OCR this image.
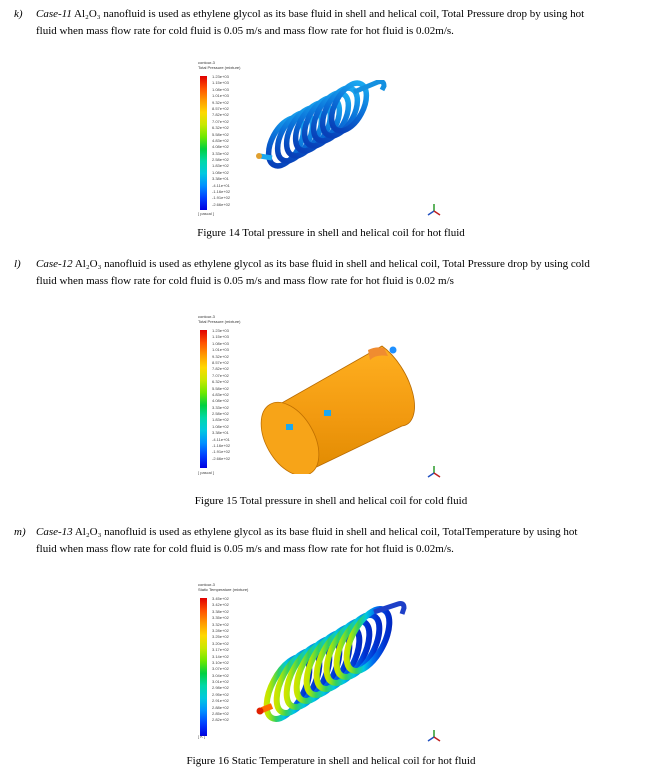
k) Case-11 Al₂O₃ nanofluid is used as ethylene glycol as its base fluid in shell and helical coil, Total Pressure drop by using hot
fluid when mass flow rate for cold fluid is 0.05 m/s and mass flow rate for hot fluid is 0.02m/s.
contour-3
Total Pressure (mixture)
1.23e+03
1.15e+03
1.08e+03
1.01e+03
9.32e+02
8.57e+02
7.82e+02
7.07e+02
6.32e+02
5.58e+02
4.83e+02
4.08e+02
3.33e+02
2.58e+02
1.83e+02
1.08e+02
3.38e+01
-4.11e+01
-1.16e+02
-1.91e+02
-2.66e+02
[ pascal ]
Figure 14 Total pressure in shell and helical coil for hot fluid
l) Case-12 Al₂O₃ nanofluid is used as ethylene glycol as its base fluid in shell and helical coil, Total Pressure drop by using cold
fluid when mass flow rate for cold fluid is 0.05 m/s and mass flow rate for hot fluid is 0.02 m/s
contour-3
Total Pressure (mixture)
1.23e+03
1.15e+03
1.08e+03
1.01e+03
9.32e+02
8.57e+02
7.82e+02
7.07e+02
6.32e+02
5.58e+02
4.83e+02
4.08e+02
3.33e+02
2.58e+02
1.83e+02
1.08e+02
3.38e+01
-4.11e+01
-1.16e+02
-1.91e+02
-2.66e+02
[ pascal ]
Figure 15 Total pressure in shell and helical coil for cold fluid
m) Case-13 Al₂O₃ nanofluid is used as ethylene glycol as its base fluid in shell and helical coil, TotalTemperature by using hot
fluid when mass flow rate for cold fluid is 0.05 m/s and mass flow rate for hot fluid is 0.02m/s.
contour-3
Static Temperature (mixture)
3.45e+02
3.42e+02
3.38e+02
3.35e+02
3.32e+02
3.28e+02
3.25e+02
3.20e+02
3.17e+02
3.14e+02
3.10e+02
3.07e+02
3.04e+02
3.01e+02
2.98e+02
2.95e+02
2.91e+02
2.88e+02
2.85e+02
2.82e+02
[ K ]
Figure 16 Static Temperature in shell and helical coil for hot fluid
